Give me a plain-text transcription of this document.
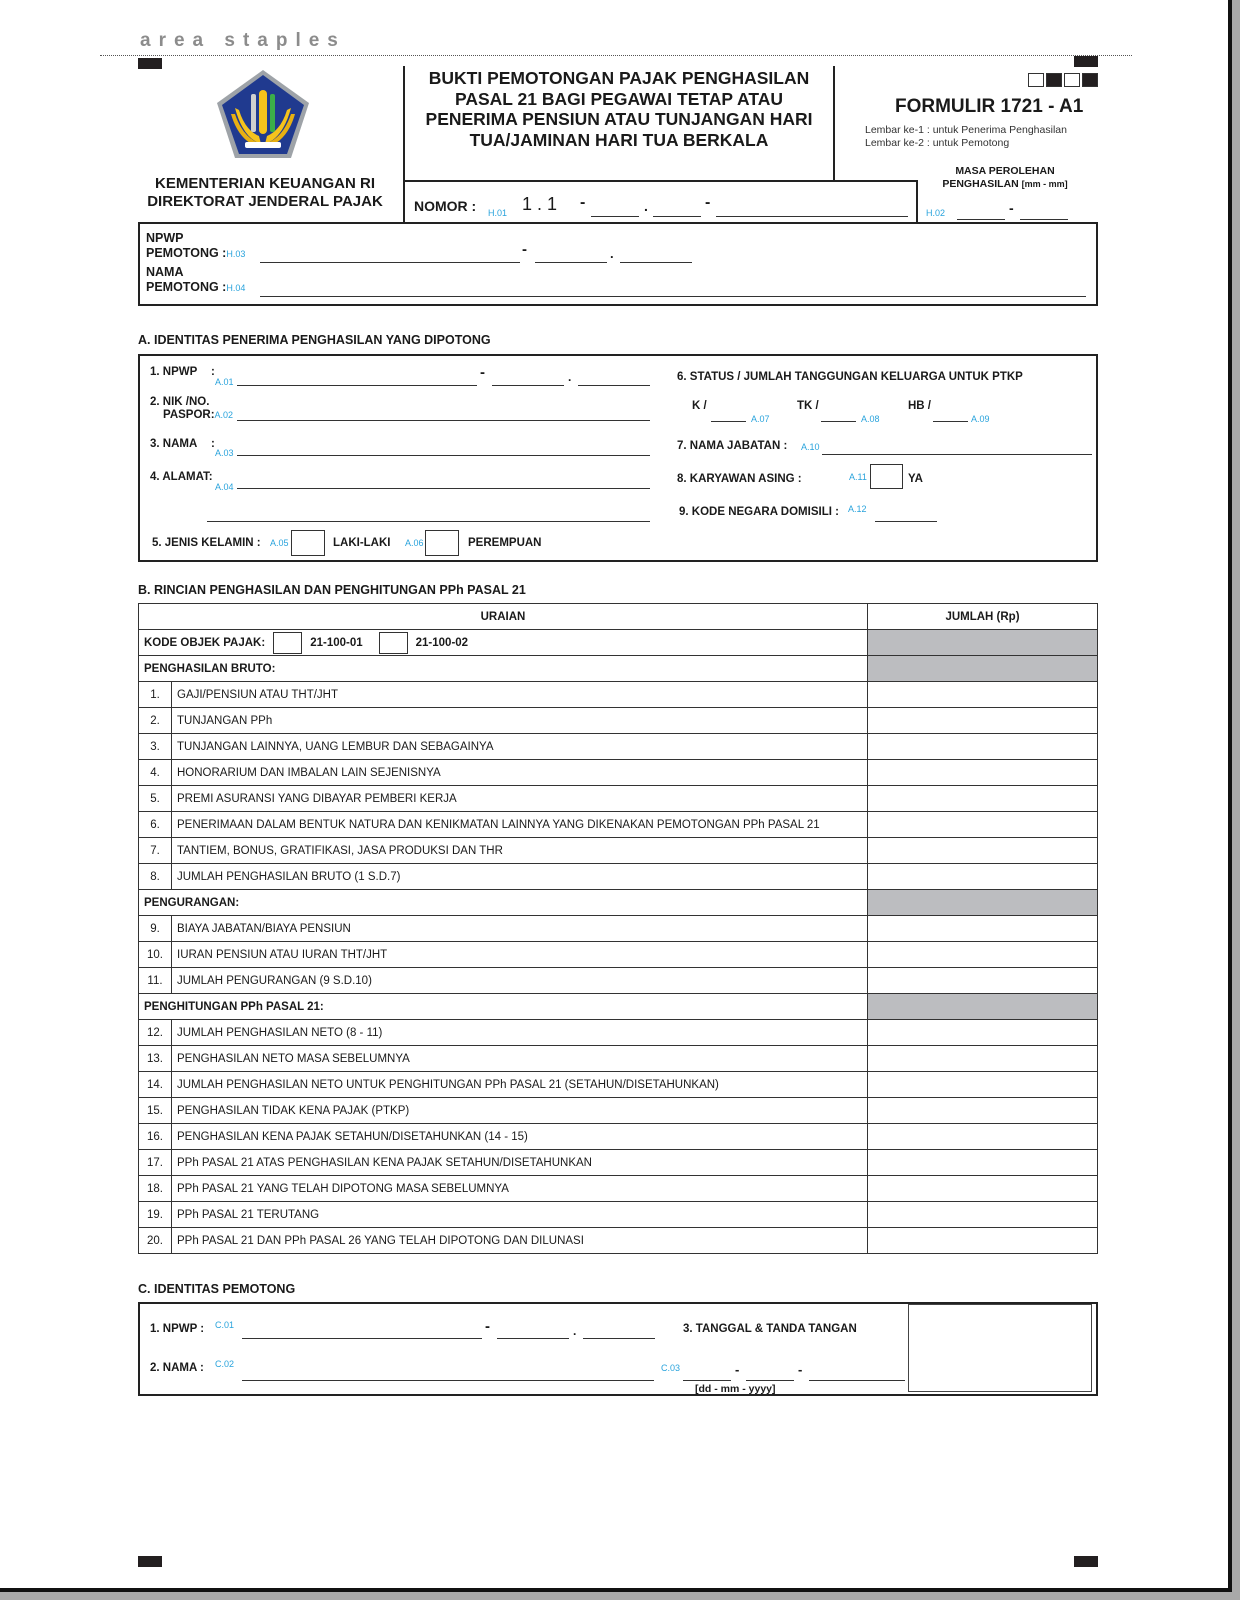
area staples
KEMENTERIAN KEUANGAN RI
DIREKTORAT JENDERAL PAJAK
BUKTI PEMOTONGAN PAJAK PENGHASILAN
PASAL 21 BAGI PEGAWAI TETAP ATAU
PENERIMA PENSIUN ATAU TUNJANGAN HARI
TUA/JAMINAN HARI TUA BERKALA
FORMULIR 1721 - A1
Lembar ke-1 : untuk Penerima Penghasilan
Lembar ke-2 : untuk Pemotong
MASA PEROLEHAN
PENGHASILAN [mm - mm]
H.02	-
NOMOR : H.01 1 . 1 -	.	-
NPWP
PEMOTONG :H.03	-	.
NAMA
PEMOTONG :H.04
A. IDENTITAS PENERIMA PENGHASILAN YANG DIPOTONG
1. NPWP :
A.01
-	.
2. NIK /NO.
PASPOR:A.02
3. NAMA :
A.03
4. ALAMAT:
A.04
5. JENIS KELAMIN : A.05	LAKI-LAKI A.06	PEREMPUAN
6. STATUS / JUMLAH TANGGUNGAN KELUARGA UNTUK PTKP
K /
A.07
TK /
A.08
HB /
A.09
7. NAMA JABATAN : A.10
8. KARYAWAN ASING :	A.11	YA
9. KODE NEGARA DOMISILI : A.12
B. RINCIAN PENGHASILAN DAN PENGHITUNGAN PPh PASAL 21
URAIAN		JUMLAH (Rp)

KODE OBJEK PAJAK: 21-100-01 21-100-02		

PENGHASILAN BRUTO:		
1.	GAJI/PENSIUN ATAU THT/JHT	
2.	TUNJANGAN PPh	
3.	TUNJANGAN LAINNYA, UANG LEMBUR DAN SEBAGAINYA	
4.	HONORARIUM DAN IMBALAN LAIN SEJENISNYA	
5.	PREMI ASURANSI YANG DIBAYAR PEMBERI KERJA	
6.	PENERIMAAN DALAM BENTUK NATURA DAN KENIKMATAN LAINNYA YANG DIKENAKAN PEMOTONGAN PPh PASAL 21	
7.	TANTIEM, BONUS, GRATIFIKASI, JASA PRODUKSI DAN THR	
8.	JUMLAH PENGHASILAN BRUTO (1 S.D.7)	
PENGURANGAN:		
9.	BIAYA JABATAN/BIAYA PENSIUN	
10.	IURAN PENSIUN ATAU IURAN THT/JHT	
11.	JUMLAH PENGURANGAN (9 S.D.10)	
PENGHITUNGAN PPh PASAL 21:		
12.	JUMLAH PENGHASILAN NETO (8 - 11)	
13.	PENGHASILAN NETO MASA SEBELUMNYA	
14.	JUMLAH PENGHASILAN NETO UNTUK PENGHITUNGAN PPh PASAL 21 (SETAHUN/DISETAHUNKAN)	
15.	PENGHASILAN TIDAK KENA PAJAK (PTKP)	
16.	PENGHASILAN KENA PAJAK SETAHUN/DISETAHUNKAN (14 - 15)	
17.	PPh PASAL 21 ATAS PENGHASILAN KENA PAJAK SETAHUN/DISETAHUNKAN	
18.	PPh PASAL 21 YANG TELAH DIPOTONG MASA SEBELUMNYA	
19.	PPh PASAL 21 TERUTANG	
20.	PPh PASAL 21 DAN PPh PASAL 26 YANG TELAH DIPOTONG DAN DILUNASI	
C. IDENTITAS PEMOTONG
1. NPWP : C.01	-	.
2. NAMA : C.02
3. TANGGAL & TANDA TANGAN
C.03	-	-
[dd - mm - yyyy]
